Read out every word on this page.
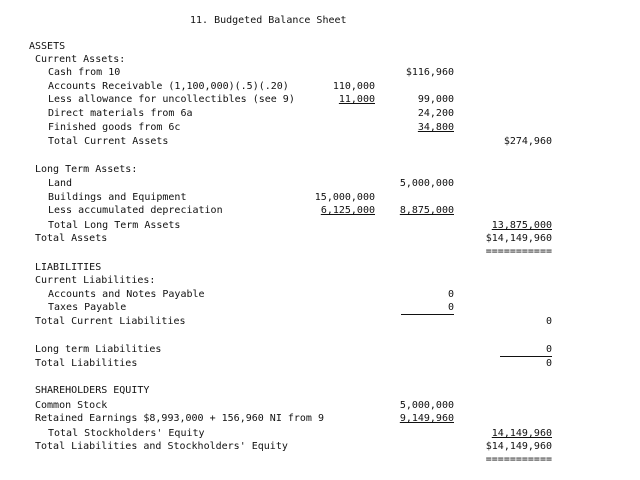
11. Budgeted Balance Sheet
ASSETS
Current Assets:
Cash from 10	$116,960
Accounts Receivable (1,100,000)(.5)(.20)	110,000
Less allowance for uncollectibles (see 9)	11,000	99,000
Direct materials from 6a	24,200
Finished goods from 6c	34,800
Total Current Assets	$274,960
Long Term Assets:
Land	5,000,000
Buildings and Equipment	15,000,000
Less accumulated depreciation	6,125,000	8,875,000
Total Long Term Assets	13,875,000
Total Assets	$14,149,960
===========
LIABILITIES
Current Liabilities:
Accounts and Notes Payable	0
Taxes Payable	0
Total Current Liabilities	0
Long term Liabilities	0
Total Liabilities	0
SHAREHOLDERS EQUITY
Common Stock	5,000,000
Retained Earnings $8,993,000 + 156,960 NI from 9	9,149,960
Total Stockholders' Equity	14,149,960
Total Liabilities and Stockholders' Equity	$14,149,960
===========
